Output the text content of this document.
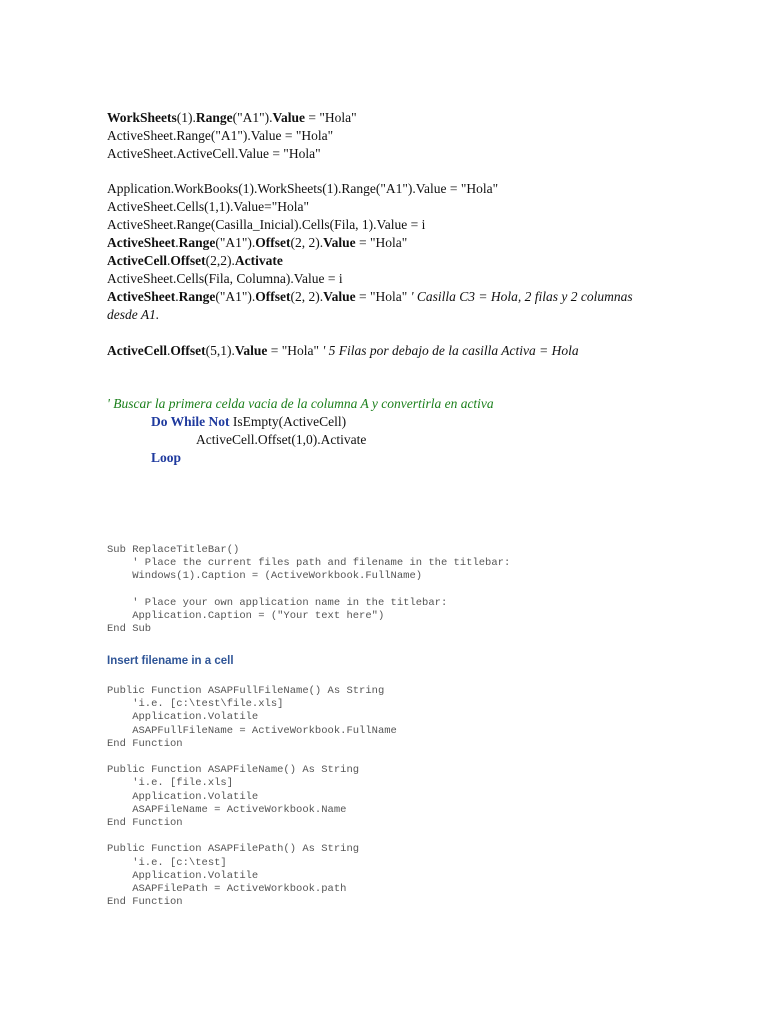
WorkSheets(1).Range("A1").Value = "Hola"
ActiveSheet.Range("A1").Value = "Hola"
ActiveSheet.ActiveCell.Value = "Hola"
Application.WorkBooks(1).WorkSheets(1).Range("A1").Value = "Hola"
ActiveSheet.Cells(1,1).Value="Hola"
ActiveSheet.Range(Casilla_Inicial).Cells(Fila, 1).Value = i
ActiveSheet.Range("A1").Offset(2, 2).Value = "Hola"
ActiveCell.Offset(2,2).Activate
ActiveSheet.Cells(Fila, Columna).Value = i
ActiveSheet.Range("A1").Offset(2, 2).Value = "Hola" ' Casilla C3 = Hola, 2 filas y 2 columnas desde A1.
ActiveCell.Offset(5,1).Value = "Hola" ' 5 Filas por debajo de la casilla Activa = Hola
' Buscar la primera celda vacia de la columna A y convertirla en activa
Do While Not IsEmpty(ActiveCell)
ActiveCell.Offset(1,0).Activate
Loop
Sub ReplaceTitleBar()
' Place the current files path and filename in the titlebar:
Windows(1).Caption = (ActiveWorkbook.FullName)

' Place your own application name in the titlebar:
Application.Caption = ("Your text here")
End Sub
Insert filename in a cell
Public Function ASAPFullFileName() As String
'i.e. [c:\test\file.xls]
Application.Volatile
ASAPFullFileName = ActiveWorkbook.FullName
End Function

Public Function ASAPFileName() As String
'i.e. [file.xls]
Application.Volatile
ASAPFileName = ActiveWorkbook.Name
End Function

Public Function ASAPFilePath() As String
'i.e. [c:\test]
Application.Volatile
ASAPFilePath = ActiveWorkbook.path
End Function
